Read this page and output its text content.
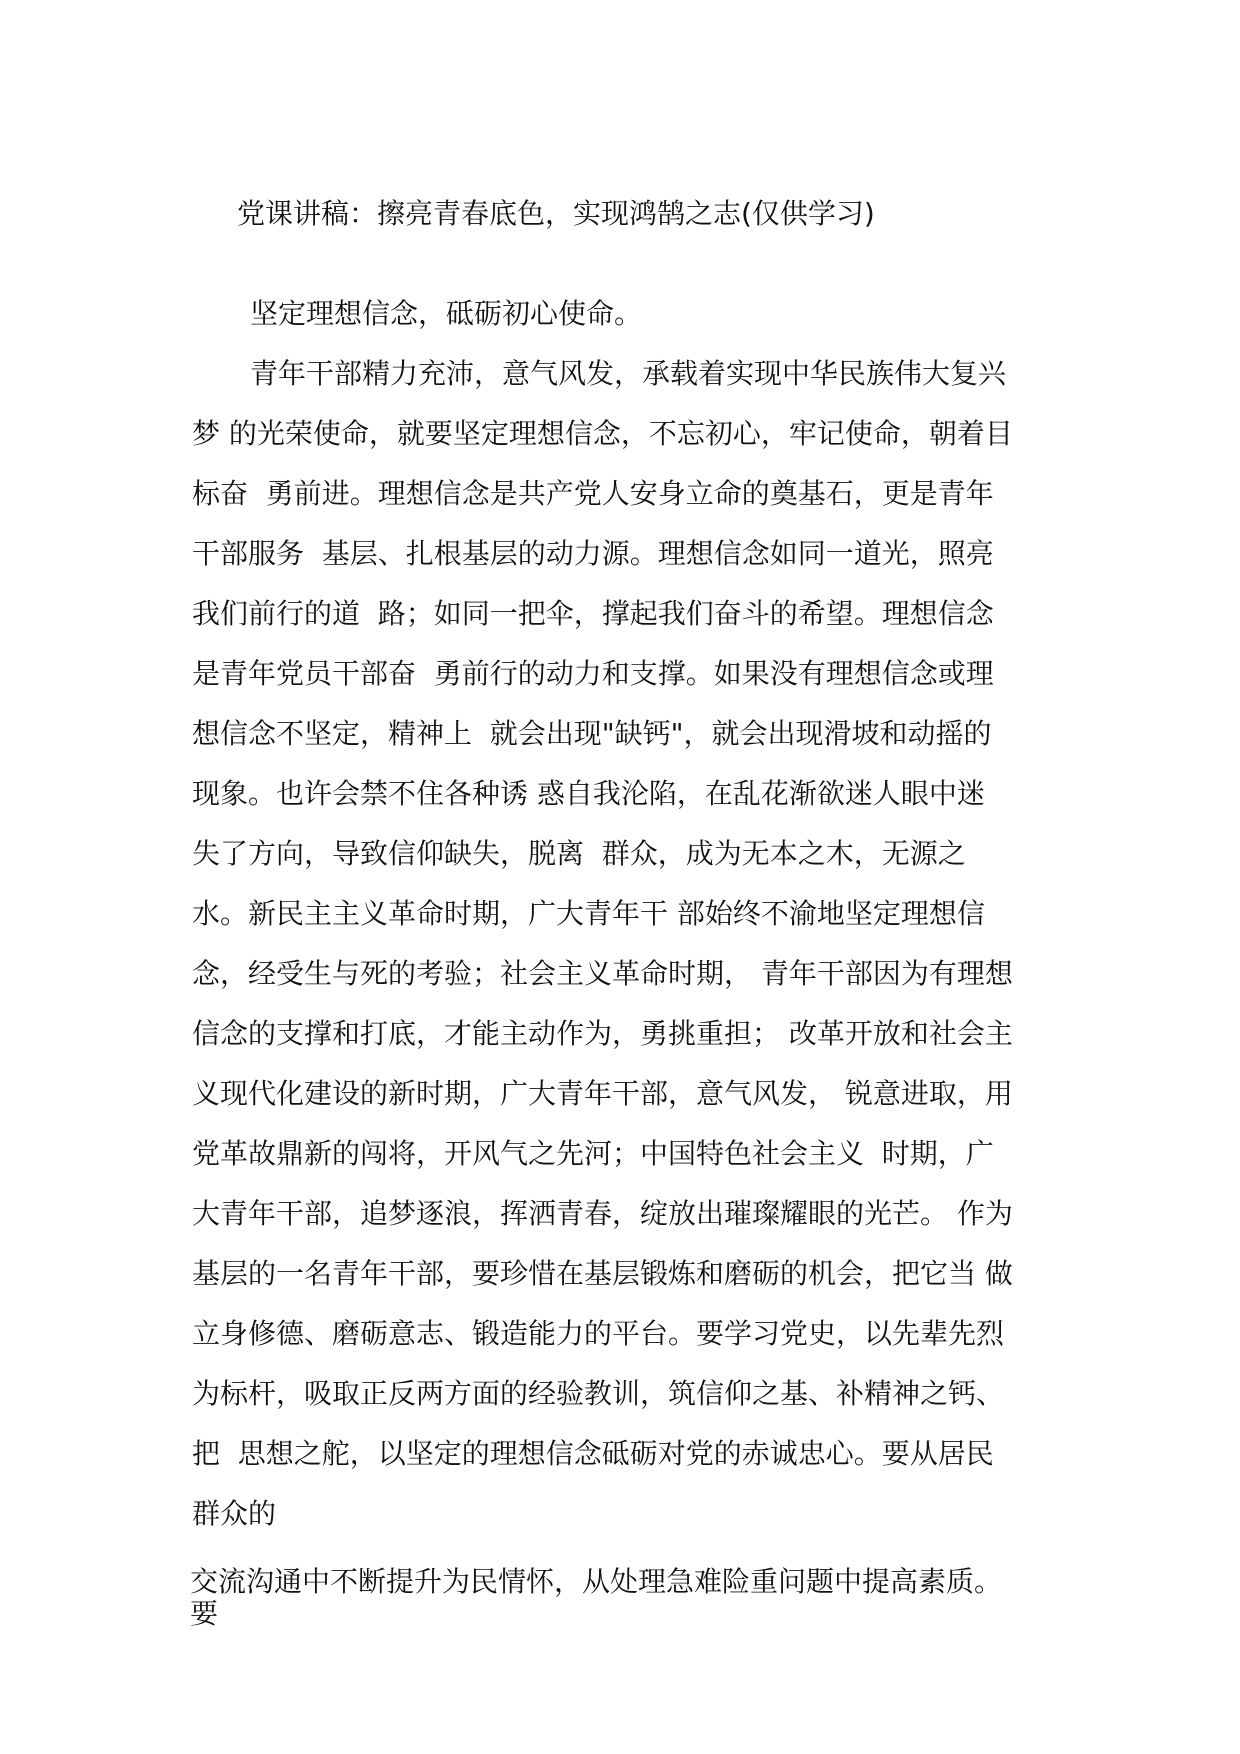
党课讲稿：擦亮青春底色，实现鸿鹄之志(仅供学习)
坚定理想信念，砥砺初心使命。
青年干部精力充沛，意气风发，承载着实现中华民族伟大复兴
梦 的光荣使命，就要坚定理想信念，不忘初心，牢记使命，朝着目
标奋  勇前进。理想信念是共产党人安身立命的奠基石，更是青年
干部服务  基层、扎根基层的动力源。理想信念如同一道光，照亮
我们前行的道  路；如同一把伞，撑起我们奋斗的希望。理想信念
是青年党员干部奋  勇前行的动力和支撑。如果没有理想信念或理
想信念不坚定，精神上  就会出现"缺钙"，就会出现滑坡和动摇的
现象。也许会禁不住各种诱 惑自我沦陷，在乱花渐欲迷人眼中迷
失了方向，导致信仰缺失，脱离  群众，成为无本之木，无源之
水。新民主主义革命时期，广大青年干 部始终不渝地坚定理想信
念，经受生与死的考验；社会主义革命时期， 青年干部因为有理想
信念的支撑和打底，才能主动作为，勇挑重担； 改革开放和社会主
义现代化建设的新时期，广大青年干部，意气风发， 锐意进取，用
党革故鼎新的闯将，开风气之先河；中国特色社会主义  时期，广
大青年干部，追梦逐浪，挥洒青春，绽放出璀璨耀眼的光芒。 作为
基层的一名青年干部，要珍惜在基层锻炼和磨砺的机会，把它当 做
立身修德、磨砺意志、锻造能力的平台。要学习党史，以先辈先烈
为标杆，吸取正反两方面的经验教训，筑信仰之基、补精神之钙、
把  思想之舵，以坚定的理想信念砥砺对党的赤诚忠心。要从居民
群众的
交流沟通中不断提升为民情怀，从处理急难险重问题中提高素质。
要
